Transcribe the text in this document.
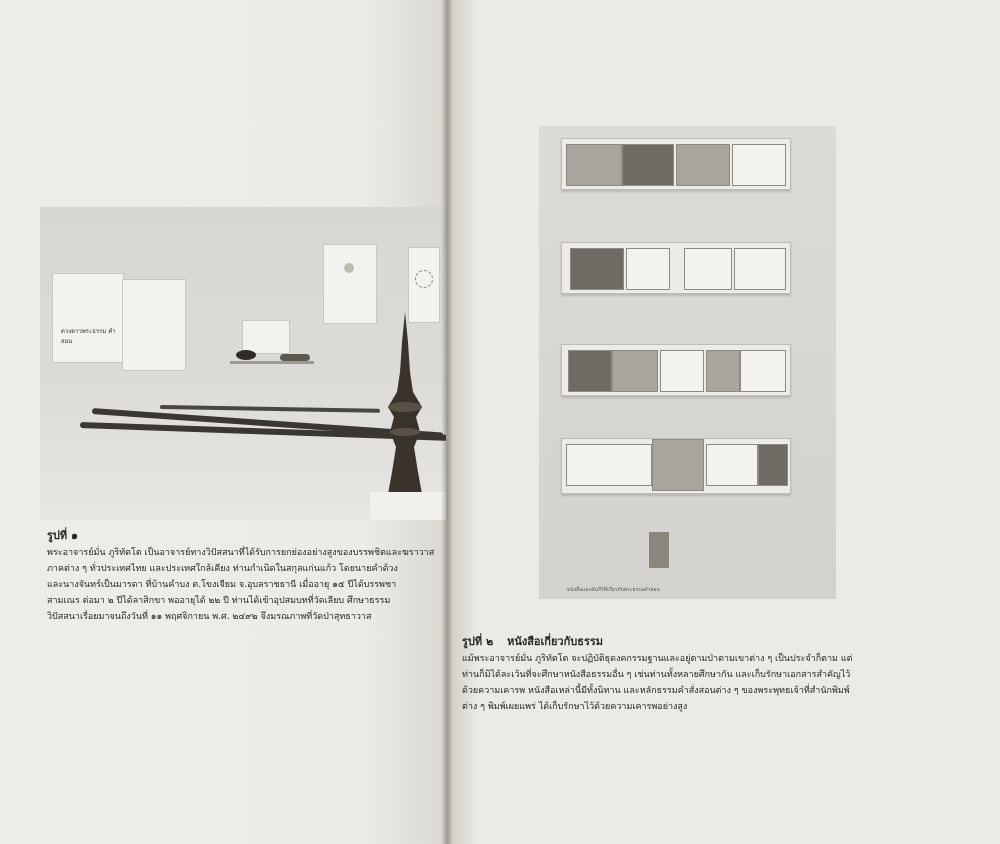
ดวงดาวพระธรรม คำสอน
รูปที่ ๑
พระอาจารย์มั่น ภูริทัตโต เป็นอาจารย์ทางวิปัสสนาที่ได้รับการยกย่องอย่างสูงของบรรพชิตและฆราวาส
ภาคต่าง ๆ ทั่วประเทศไทย และประเทศใกล้เคียง ท่านกำเนิดในสกุลแก่นแก้ว โดยนายคำด้วง
และนางจันทร์เป็นมารดา ที่บ้านคำบง ต.โขงเจียม จ.อุบลราชธานี เมื่ออายุ ๑๕ ปีได้บรรพชา
สามเณร ต่อมา ๒ ปีได้ลาสิกขา พออายุได้ ๒๒ ปี ท่านได้เข้าอุปสมบทที่วัดเลียบ ศึกษาธรรม
วิปัสสนาเรื่อยมาจนถึงวันที่ ๑๑ พฤศจิกายน พ.ศ. ๒๔๙๒ จึงมรณภาพที่วัดป่าสุทธาวาส
หนังสือและคัมภีร์ที่เกี่ยวกับพระธรรมคำสอน
รูปที่ ๒ หนังสือเกี่ยวกับธรรม
แม้พระอาจารย์มั่น ภูริทัตโต จะปฏิบัติธุดงคกรรมฐานและอยู่ตามป่าตามเขาต่าง ๆ เป็นประจำก็ตาม แต่
ท่านก็มิได้ละเว้นที่จะศึกษาหนังสือธรรมอื่น ๆ เช่นท่านทั้งหลายศึกษากัน และเก็บรักษาเอกสารสำคัญไว้
ด้วยความเคารพ หนังสือเหล่านี้มีทั้งนิทาน และหลักธรรมคำสั่งสอนต่าง ๆ ของพระพุทธเจ้าที่สำนักพิมพ์
ต่าง ๆ พิมพ์เผยแพร่ ได้เก็บรักษาไว้ด้วยความเคารพอย่างสูง
